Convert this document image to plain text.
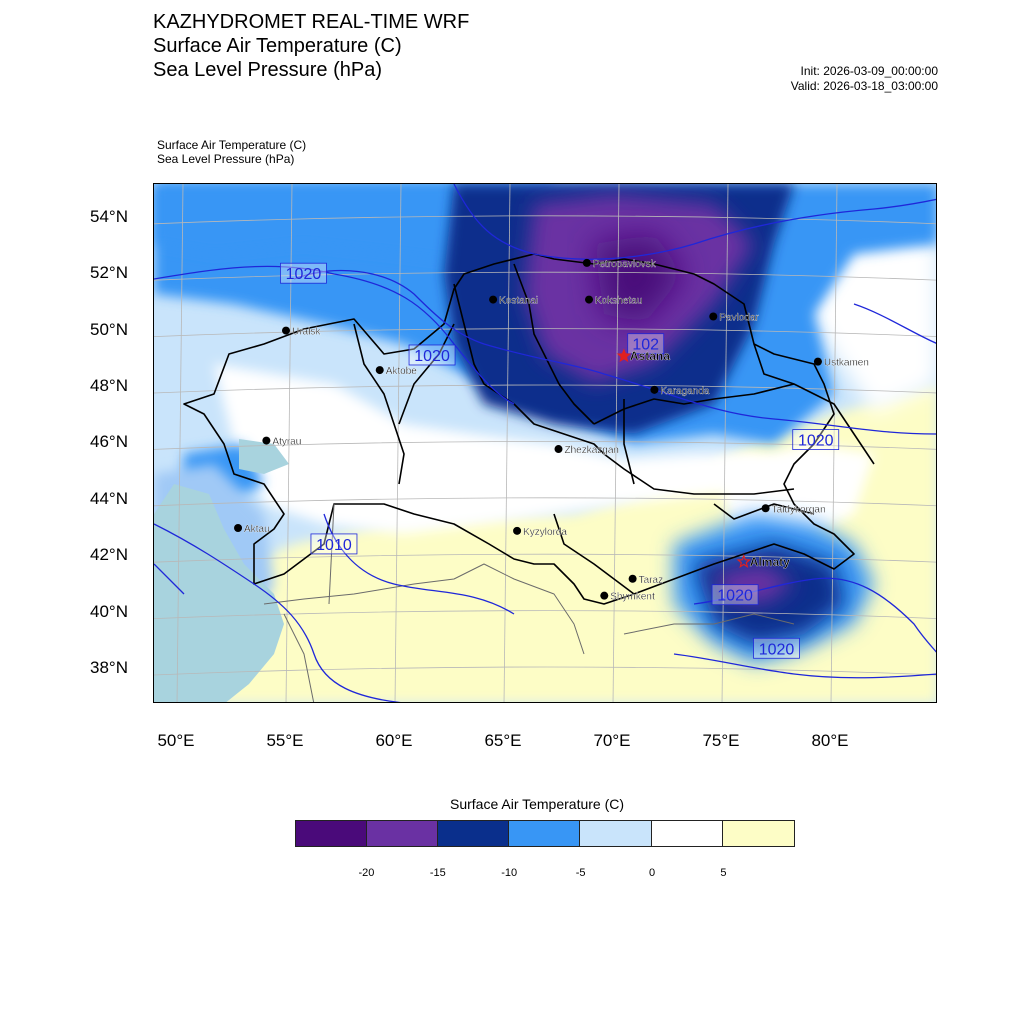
KAZHYDROMET REAL-TIME WRF
Surface Air Temperature (C)
Sea Level Pressure (hPa)	Init: 2026-03-09_00:00:00
Valid: 2026-03-18_03:00:00
Surface Air Temperature (C)
Sea Level Pressure (hPa)
1020
1020
102
1020
1010
1020
1020
Petropavlovsk
Kostanai	Kokshetau
Pavlodar
Uralsk
Astana
Ustkamen
Aktobe
Karaganda
Atyrau
Zhezkazgan
Taldykorgan
Aktau	Kyzylorda
Almaty
Taraz
Shymkent
54°N
52°N
50°N
48°N
46°N
44°N
42°N
40°N
38°N
50°E	55°E	60°E	65°E	70°E	75°E	80°E
Surface Air Temperature (C)
-20	-15	-10	-5	0	5
